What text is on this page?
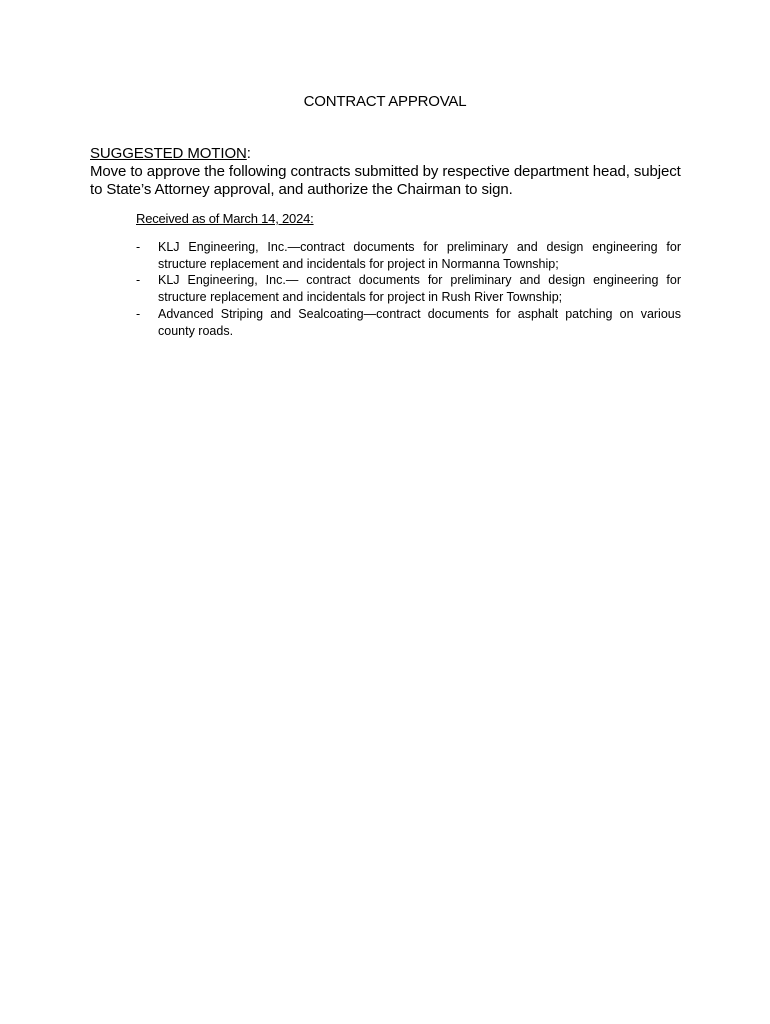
CONTRACT APPROVAL
SUGGESTED MOTION:
Move to approve the following contracts submitted by respective department head, subject
to State’s Attorney approval, and authorize the Chairman to sign.
Received as of March 14, 2024:
- KLJ Engineering, Inc.—contract documents for preliminary and design engineering for structure replacement and incidentals for project in Normanna Township;
- KLJ Engineering, Inc.— contract documents for preliminary and design engineering for structure replacement and incidentals for project in Rush River Township;
- Advanced Striping and Sealcoating—contract documents for asphalt patching on various county roads.
